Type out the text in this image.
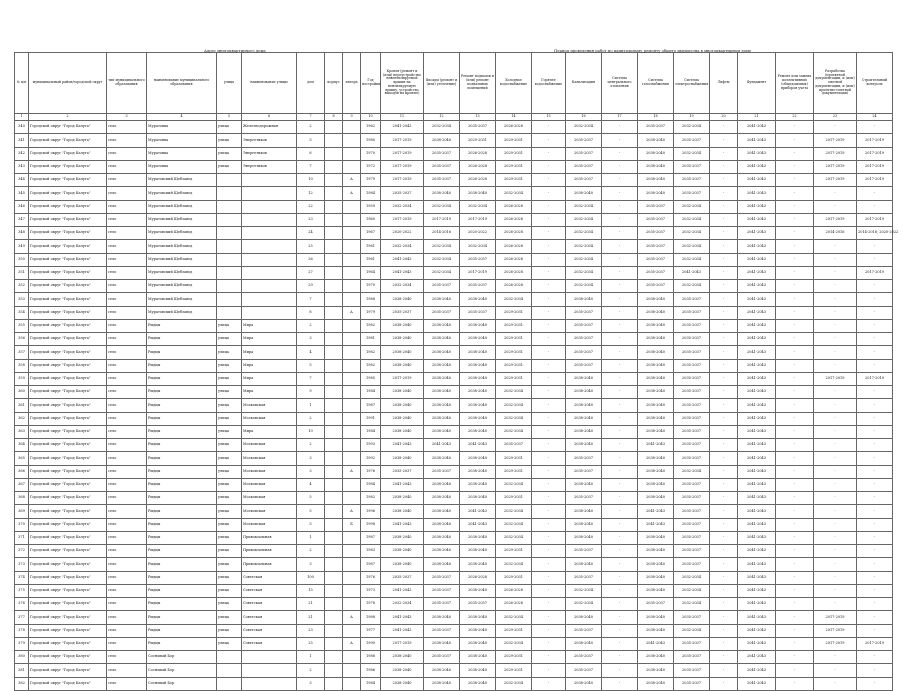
Адрес многоквартирного дома	Период проведения работ по капитальному ремонту общего имущества в многоквартирном доме
№ п/п	муниципальный район/городской округ	тип муниципального образования	наименование муниципального образования	улица	наименование улицы	дом	корпус	литера	Год постройки	Кровля (ремонт и (или) переустройство невентилируемой крыши на вентилируемую крышу, устройство выходов на кровлю)	Фасады (ремонт и (или) утепление)	Ремонт подвалов и (или) ремонт подвальных помещений	Холодное водоснабжение	Горячее водоснабжение	Канализация	Система центрального отопления	Система газоснабжения	Система электроснабжения	Лифты	Фундамент	Ремонт или замена коллективных (общедомовых) приборов учета	Разработка (проектной документации, и (или) сметной документации, и (или) проектно-сметной документации)	Строительный контроль
1	2	3	4	5	6	7	8	9	10	11	12	13	14	15	16	17	18	19	20	21	22	23	24
340	Городской округ "Город Калуга"	село	Муратовка	улица	Железнодорожная	2			1962	2041-2043	2032-2034	2035-2037	2026-2028	-	2032-2034	-	2035-2037	2032-2034	-	2041-2043	-	-	-
341	Городской округ "Город Калуга"	село	Муратовка	улица	Энергетиков	5			1980	2017-2019	2038-2040	2029-2031	2029-2031	-	2035-2037	-	2038-2040	2035-2037	-	2041-2043	-	2017-2019	2017-2019
342	Городской округ "Город Калуга"	село	Муратовка	улица	Энергетиков	6			1970	2017-2019	2035-2037	2026-2028	2029-2031	-	2035-2037	-	2038-2040	2032-2034	-	2041-2043	-	2017-2019	2017-2019
343	Городской округ "Город Калуга"	село	Муратовка	улица	Энергетиков	7			1972	2017-2019	2035-2037	2026-2028	2029-2031	-	2035-2037	-	2038-2040	2035-2037	-	2041-2043	-	2017-2019	2017-2019
344	Городской округ "Город Калуга"	село	Муратовский Щебзавод			10		А	1979	2017-2019	2035-2037	2026-2028	2029-2031	-	2035-2037	-	2038-2040	2035-2037	-	2041-2043	-	2017-2019	2017-2019
345	Городской округ "Город Калуга"	село	Муратовский Щебзавод			12		А	1984	2035-2037	2038-2040	2038-2040	2032-2034	-	2038-2040	-	2038-2040	2035-2037	-	2041-2043	-	-	-
346	Городской округ "Город Калуга"	село	Муратовский Щебзавод			22			1959	2032-2034	2032-2034	2032-2034	2026-2028	-	2032-2034	-	2035-2037	2032-2034	-	2041-2043	-	-	-
347	Городской округ "Город Калуга"	село	Муратовский Щебзавод			23			1960	2017-2019	2017-2019	2017-2019	2026-2028	-	2032-2034	-	2035-2037	2032-2034	-	2041-2043	-	2017-2019	2017-2019
348	Городской округ "Город Калуга"	село	Муратовский Щебзавод			24			1967	2020-2022	2014-2016	2020-2022	2026-2028	-	2032-2034	-	2035-2037	2032-2034	-	2041-2043	-	2014-2016	2014-2016; 2020-2022
349	Городской округ "Город Калуга"	село	Муратовский Щебзавод			25			1961	2032-2034	2032-2034	2032-2034	2026-2028	-	2032-2034	-	2035-2037	2032-2034	-	2041-2043	-	-	-
350	Городской округ "Город Калуга"	село	Муратовский Щебзавод			26			1961	2041-2043	2032-2034	2035-2037	2026-2028	-	2032-2034	-	2035-2037	2032-2034	-	2041-2043	-	-	-
351	Городской округ "Город Калуга"	село	Муратовский Щебзавод			27			1964	2041-2043	2032-2034	2017-2019	2026-2028	-	2032-2034	-	2035-2037	2041-2043	-	2041-2043	-	-	2017-2019
352	Городской округ "Город Калуга"	село	Муратовский Щебзавод			29			1970	2032-2034	2035-2037	2035-2037	2026-2028	-	2032-2034	-	2035-2037	2032-2034	-	2041-2043	-	-	-
353	Городской округ "Город Калуга"	село	Муратовский Щебзавод			7			1988	2038-2040	2038-2040	2038-2040	2032-2034	-	2038-2040	-	2038-2040	2035-2037	-	2041-2043	-	-	-
354	Городской округ "Город Калуга"	село	Муратовский Щебзавод			8		А	1979	2035-2037	2035-2037	2035-2037	2029-2031	-	2035-2037	-	2038-2040	2035-2037	-	2041-2043	-	-	-
355	Городской округ "Город Калуга"	село	Рыдцы	улица	Мира	2			1982	2038-2040	2038-2040	2038-2040	2029-2031	-	2035-2037	-	2038-2040	2035-2037	-	2041-2043	-	-	-
356	Городской округ "Город Калуга"	село	Рыдцы	улица	Мира	3			1981	2038-2040	2038-2040	2038-2040	2029-2031	-	2035-2037	-	2038-2040	2035-2037	-	2041-2043	-	-	-
357	Городской округ "Город Калуга"	село	Рыдцы	улица	Мира	4			1982	2038-2040	2038-2040	2038-2040	2029-2031	-	2035-2037	-	2038-2040	2035-2037	-	2041-2043	-	-	-
358	Городской округ "Город Калуга"	село	Рыдцы	улица	Мира	5			1982	2038-2040	2038-2040	2038-2040	2029-2031	-	2035-2037	-	2038-2040	2035-2037	-	2041-2043	-	-	-
359	Городской округ "Город Калуга"	село	Рыдцы	улица	Мира	7			1985	2017-2019	2038-2040	2038-2040	2029-2031	-	2038-2040	-	2038-2040	2035-2037	-	2041-2043	-	2017-2019	2017-2019
360	Городской округ "Город Калуга"	село	Рыдцы	улица	Мира	9			1984	2038-2040	2038-2040	2038-2040	2032-2034	-	2038-2040	-	2038-2040	2035-2037	-	2041-2043	-	-	-
361	Городской округ "Город Калуга"	село	Рыдцы	улица	Московская	1			1987	2038-2040	2038-2040	2038-2040	2032-2034	-	2038-2040	-	2038-2040	2035-2037	-	2041-2043	-	-	-
362	Городской округ "Город Калуга"	село	Рыдцы	улица	Московская	2			1991	2038-2040	2038-2040	2038-2040	2032-2034	-	2038-2040	-	2038-2040	2035-2037	-	2041-2043	-	-	-
363	Городской округ "Город Калуга"	село	Рыдцы	улица	Мира	10			1984	2038-2040	2038-2040	2038-2040	2032-2034	-	2038-2040	-	2038-2040	2035-2037	-	2041-2043	-	-	-
364	Городской округ "Город Калуга"	село	Рыдцы	улица	Московская	2			1993	2041-2043	2041-2043	2041-2043	2035-2037	-	2038-2040	-	2041-2043	2035-2037	-	2041-2043	-	-	-
365	Городской округ "Город Калуга"	село	Рыдцы	улица	Московская	3			1992	2038-2040	2038-2040	2038-2040	2029-2031	-	2035-2037	-	2038-2040	2035-2037	-	2041-2043	-	-	-
366	Городской округ "Город Калуга"	село	Рыдцы	улица	Московская	3		А	1976	2035-2037	2035-2037	2038-2040	2029-2031	-	2035-2037	-	2038-2040	2032-2034	-	2041-2043	-	-	-
367	Городской округ "Город Калуга"	село	Рыдцы	улица	Московская	4			1984	2041-2043	2038-2040	2038-2040	2032-2034	-	2038-2040	-	2038-2040	2035-2037	-	2041-2043	-	-	-
368	Городской округ "Город Калуга"	село	Рыдцы	улица	Московская	5			1982	2038-2040	2038-2040	2038-2040	2029-2031	-	2035-2037	-	2038-2040	2035-2037	-	2041-2043	-	-	-
369	Городской округ "Город Калуга"	село	Рыдцы	улица	Московская	5		А	1996	2038-2040	2038-2040	2041-2043	2032-2034	-	2038-2040	-	2041-2043	2035-2037	-	2041-2043	-	-	-
370	Городской округ "Город Калуга"	село	Рыдцы	улица	Московская	5		Б	1998	2041-2043	2038-2040	2041-2043	2032-2034	-	2038-2040	-	2041-2043	2035-2037	-	2041-2043	-	-	-
371	Городской округ "Город Калуга"	село	Рыдцы	улица	Привокзальная	1			1987	2038-2040	2038-2040	2038-2040	2032-2034	-	2038-2040	-	2038-2040	2035-2037	-	2041-2043	-	-	-
372	Городской округ "Город Калуга"	село	Рыдцы	улица	Привокзальная	2			1983	2038-2040	2038-2040	2038-2040	2029-2031	-	2035-2037	-	2038-2040	2035-2037	-	2041-2043	-	-	-
373	Городской округ "Город Калуга"	село	Рыдцы	улица	Привокзальная	3			1987	2038-2040	2038-2040	2038-2040	2032-2034	-	2038-2040	-	2038-2040	2035-2037	-	2041-2043	-	-	-
374	Городской округ "Город Калуга"	село	Рыдцы	улица	Советская	100			1976	2035-2037	2035-2037	2026-2028	2029-2031	-	2035-2037	-	2038-2040	2032-2034	-	2041-2043	-	-	-
375	Городской округ "Город Калуга"	село	Рыдцы	улица	Советская	15			1973	2041-2043	2035-2037	2038-2040	2026-2028	-	2032-2034	-	2038-2040	2032-2034	-	2041-2043	-	-	-
376	Городской округ "Город Калуга"	село	Рыдцы	улица	Советская	21			1978	2032-2034	2035-2037	2035-2037	2026-2028	-	2032-2034	-	2035-2037	2032-2034	-	2041-2043	-	-	-
377	Городской округ "Город Калуга"	село	Рыдцы	улица	Советская	21		А	1988	2041-2043	2038-2040	2038-2040	2032-2034	-	2038-2040	-	2038-2040	2035-2037	-	2041-2043	-	2017-2019	-
378	Городской округ "Город Калуга"	село	Рыдцы	улица	Советская	23			1977	2041-2043	2035-2037	2038-2040	2029-2031	-	2035-2037	-	2038-2040	2032-2034	-	2041-2043	-	2017-2019	-
379	Городской округ "Город Калуга"	село	Рыдцы	улица	Советская	25		А	1990	2017-2019	2038-2040	2038-2040	2032-2034	-	2038-2040	-	2041-2043	2035-2037	-	2041-2043	-	2017-2019	2017-2019
380	Городской округ "Город Калуга"	село	Сосновый Бор			1			1988	2038-2040	2035-2037	2038-2040	2029-2031	-	2035-2037	-	2038-2040	2035-2037	-	2041-2043	-	-	-
381	Городской округ "Город Калуга"	село	Сосновый Бор			2			1986	2038-2040	2038-2040	2038-2040	2029-2031	-	2035-2037	-	2038-2040	2035-2037	-	2041-2043	-	-	-
382	Городской округ "Город Калуга"	село	Сосновый Бор			3			1984	2038-2040	2038-2040	2038-2040	2032-2034	-	2038-2040	-	2038-2040	2035-2037	-	2041-2043	-	-	-
